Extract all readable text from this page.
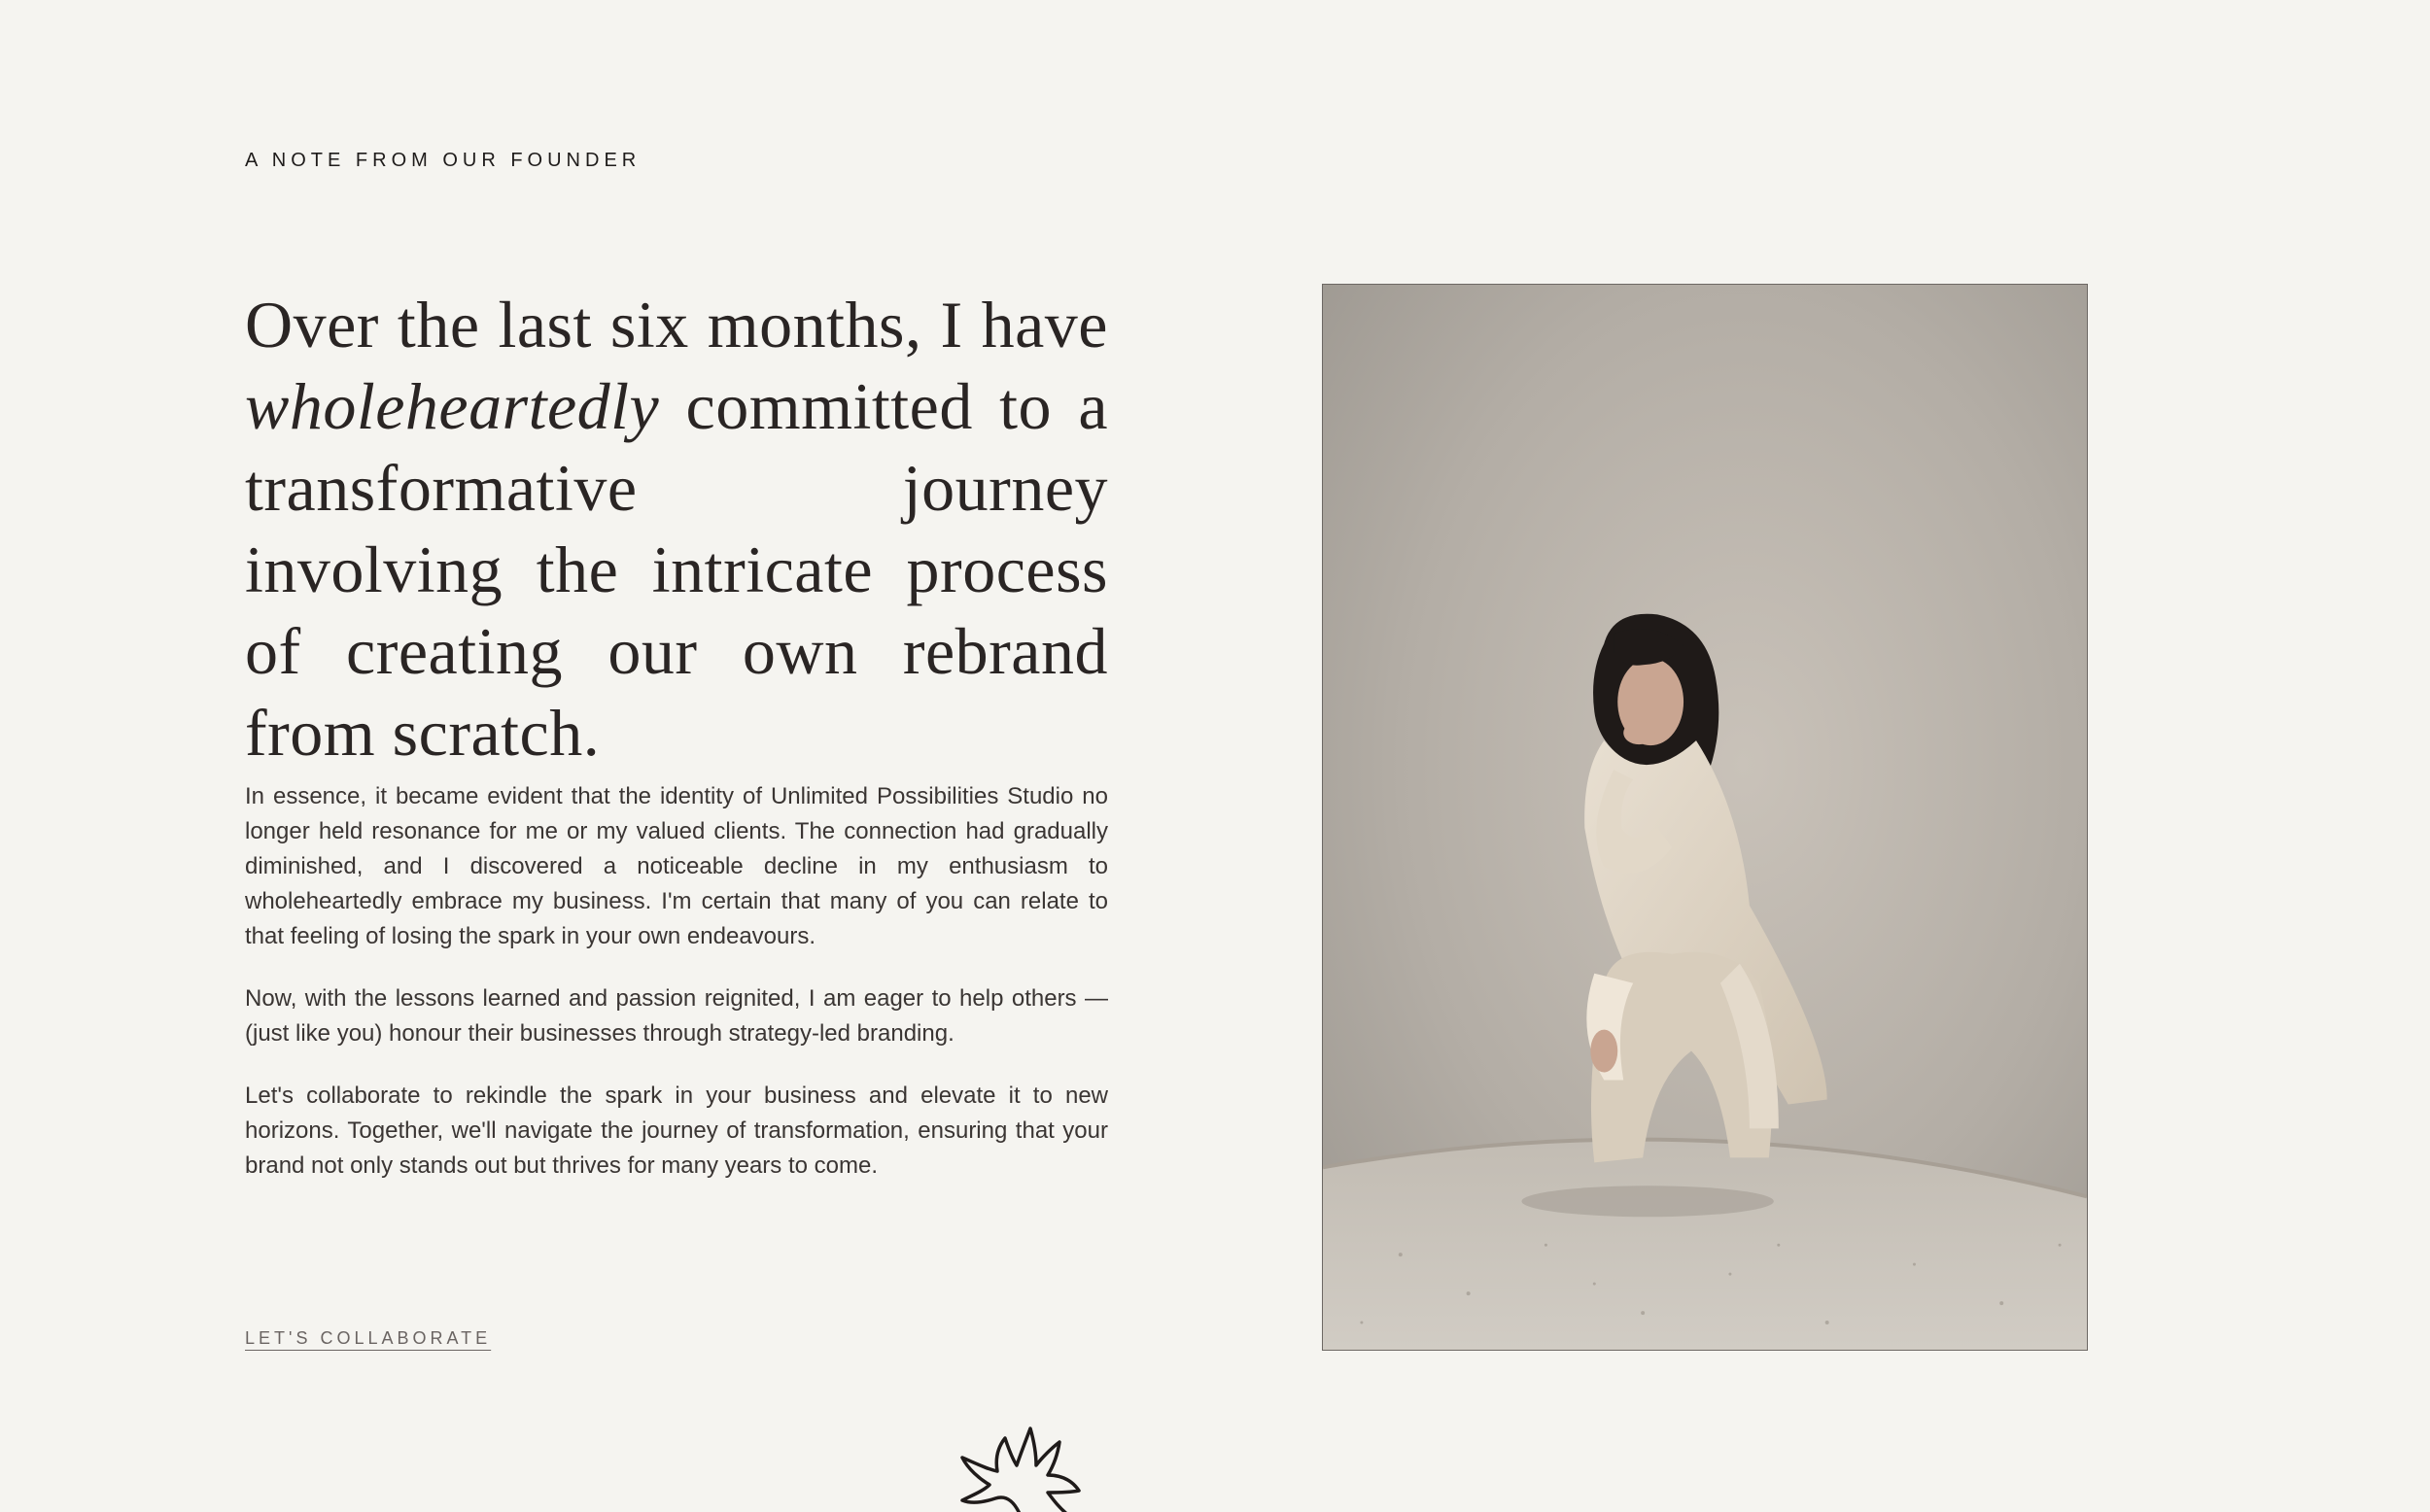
A NOTE FROM OUR FOUNDER

Over the last six months, I have wholeheartedly committed to a transformative journey involving the intricate process of creating our own rebrand from scratch.

In essence, it became evident that the identity of Unlimited Possibilities Studio no longer held resonance for me or my valued clients. The connection had gradually diminished, and I discovered a noticeable decline in my enthusiasm to wholeheartedly embrace my business. I'm certain that many of you can relate to that feeling of losing the spark in your own endeavours.

Now, with the lessons learned and passion reignited, I am eager to help others —(just like you) honour their businesses through strategy-led branding.

Let's collaborate to rekindle the spark in your business and elevate it to new horizons. Together, we'll navigate the journey of transformation, ensuring that your brand not only stands out but thrives for many years to come.

LET'S COLLABORATE
